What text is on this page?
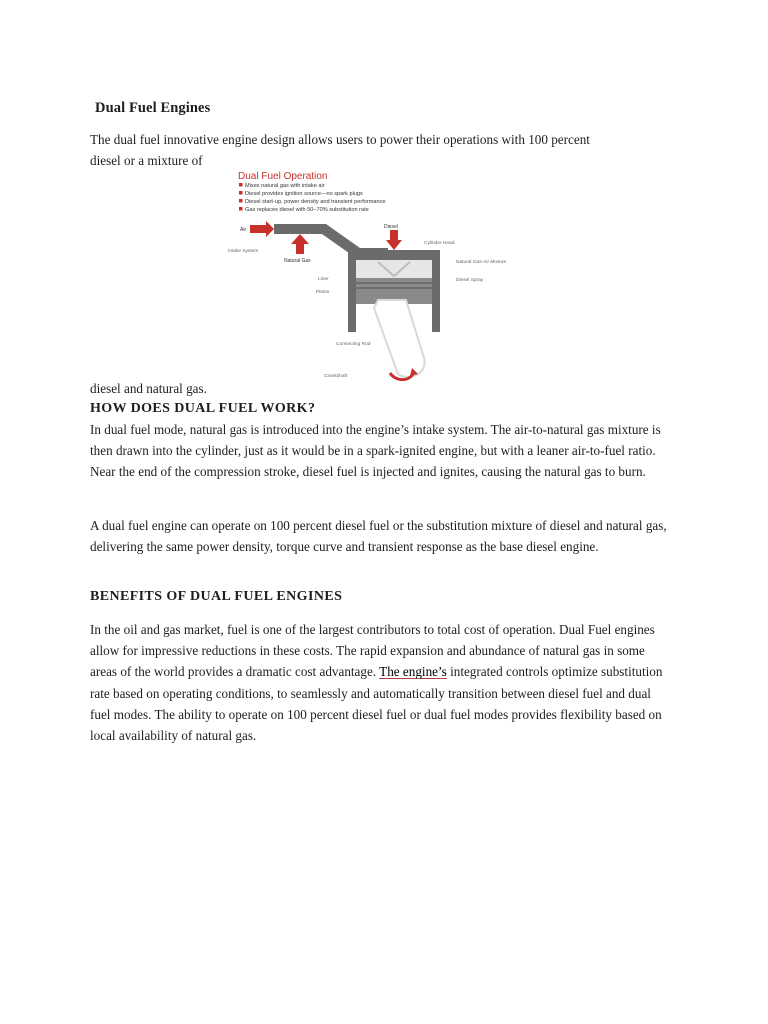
Dual Fuel Engines
The dual fuel innovative engine design allows users to power their operations with 100 percent
diesel or a mixture of
Dual Fuel Operation
Mixes natural gas with intake air
Diesel provides ignition source—no spark plugs
Diesel start-up, power density and transient performance
Gas replaces diesel with 50–70% substitution rate
Air
Intake System
Natural Gas
Diesel
Cylinder Head
Natural Gas-Air Mixture
Diesel Spray
Liner
Piston
Connecting Rod
Crankshaft
diesel and natural gas.
HOW DOES DUAL FUEL WORK?
In dual fuel mode, natural gas is introduced into the engine’s intake system. The air-to-natural gas mixture is then drawn into the cylinder, just as it would be in a spark-ignited engine, but with a leaner air-to-fuel ratio. Near the end of the compression stroke, diesel fuel is injected and ignites, causing the natural gas to burn.
A dual fuel engine can operate on 100 percent diesel fuel or the substitution mixture of diesel and natural gas, delivering the same power density, torque curve and transient response as the base diesel engine.
BENEFITS OF DUAL FUEL ENGINES
In the oil and gas market, fuel is one of the largest contributors to total cost of operation. Dual Fuel engines allow for impressive reductions in these costs. The rapid expansion and abundance of natural gas in some areas of the world provides a dramatic cost advantage. The engine’s integrated controls optimize substitution rate based on operating conditions, to seamlessly and automatically transition between diesel fuel and dual fuel modes. The ability to operate on 100 percent diesel fuel or dual fuel modes provides flexibility based on local availability of natural gas.
